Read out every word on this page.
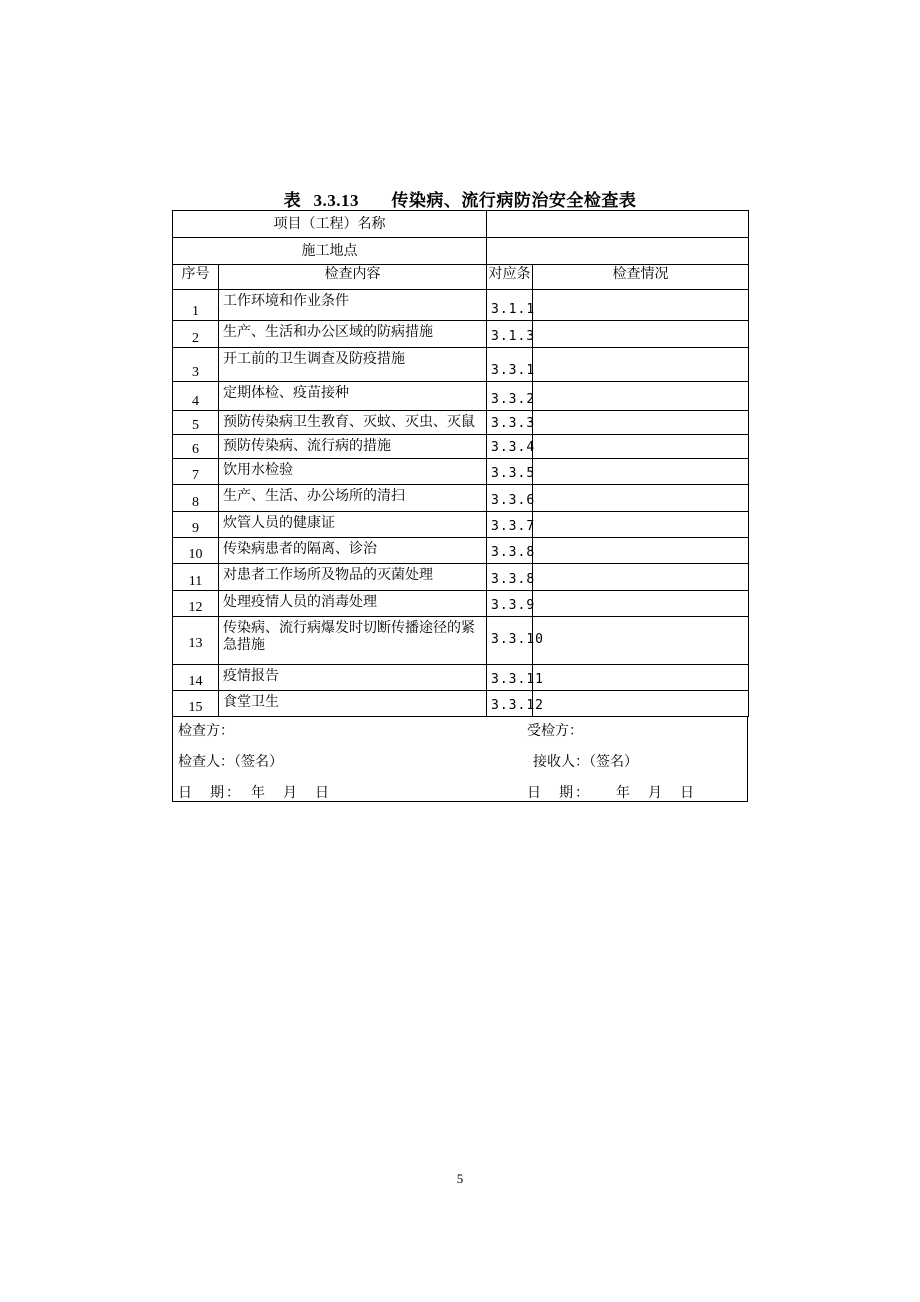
表 3.3.13 传染病、流行病防治安全检查表
项目（工程）名称			
施工地点			
序号	检查内容	对应条	检查情况
1	工作环境和作业条件	3.1.1	
2	生产、生活和办公区域的防病措施	3.1.3	
3	开工前的卫生调查及防疫措施	3.3.1	
4	定期体检、疫苗接种	3.3.2	
5	预防传染病卫生教育、灭蚊、灭虫、灭鼠	3.3.3	
6	预防传染病、流行病的措施	3.3.4	
7	饮用水检验	3.3.5	
8	生产、生活、办公场所的清扫	3.3.6	
9	炊管人员的健康证	3.3.7	
10	传染病患者的隔离、诊治	3.3.8	
11	对患者工作场所及物品的灭菌处理	3.3.8	
12	处理疫情人员的消毒处理	3.3.9	
13	传染病、流行病爆发时切断传播途径的紧急措施	3.3.10	
14	疫情报告	3.3.11	
15	食堂卫生	3.3.12	
检查方：	受检方：
检查人：（签名）	接收人：（签名）
日　期：　年　月　日	日　期：　　年　月　日
5
